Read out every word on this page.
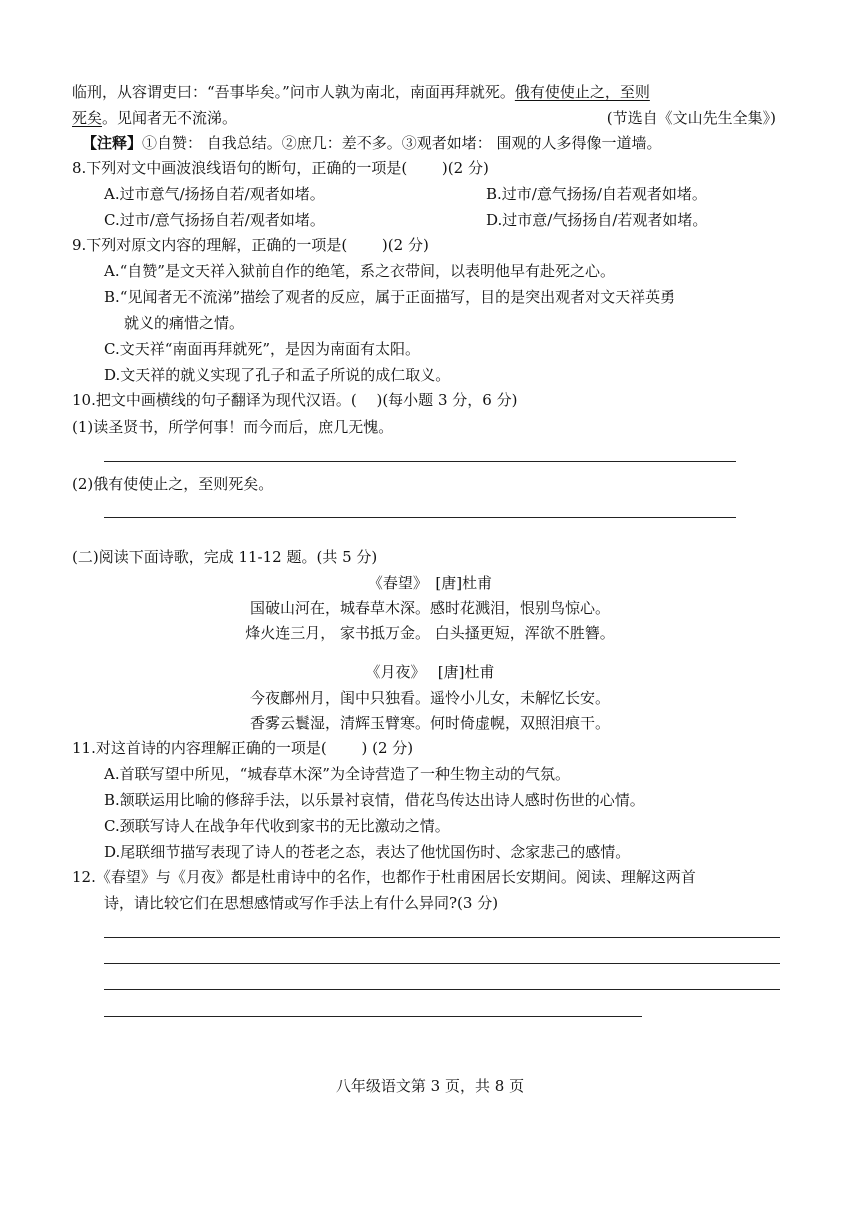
临刑，从容谓吏曰：“吾事毕矣。”问市人孰为南北，南面再拜就死。俄有使使止之，至则
死矣。见闻者无不流涕。	(节选自《文山先生全集》)
【注释】①自赞： 自我总结。②庶几：差不多。③观者如堵： 围观的人多得像一道墙。
8.下列对文中画波浪线语句的断句，正确的一项是(　　 )(2 分)
A.过市意气/扬扬自若/观者如堵。	B.过市/意气扬扬/自若观者如堵。
C.过市/意气扬扬自若/观者如堵。	D.过市意/气扬扬自/若观者如堵。
9.下列对原文内容的理解，正确的一项是(　　 )(2 分)
A.“自赞”是文天祥入狱前自作的绝笔，系之衣带间，以表明他早有赴死之心。
B.“见闻者无不流涕”描绘了观者的反应，属于正面描写，目的是突出观者对文天祥英勇
就义的痛惜之情。
C.文天祥“南面再拜就死”，是因为南面有太阳。
D.文天祥的就义实现了孔子和孟子所说的成仁取义。
10.把文中画横线的句子翻译为现代汉语。(　 )(每小题 3 分，6 分)
(1)读圣贤书，所学何事！而今而后，庶几无愧。
(2)俄有使使止之，至则死矣。
(二)阅读下面诗歌，完成 11-12 题。(共 5 分)
《春望》　[唐]杜甫
国破山河在，城春草木深。感时花溅泪，恨别鸟惊心。
烽火连三月， 家书抵万金。 白头搔更短，浑欲不胜簪。
《月夜》　 [唐]杜甫
今夜鄜州月，闺中只独看。遥怜小儿女，未解忆长安。
香雾云鬟湿，清辉玉臂寒。何时倚虚幌，双照泪痕干。
11.对这首诗的内容理解正确的一项是(　　 ) (2 分)
A.首联写望中所见，“城春草木深”为全诗营造了一种生物主动的气氛。
B.颔联运用比喻的修辞手法，以乐景衬哀情，借花鸟传达出诗人感时伤世的心情。
C.颈联写诗人在战争年代收到家书的无比激动之情。
D.尾联细节描写表现了诗人的苍老之态，表达了他忧国伤时、念家悲己的感情。
12.《春望》与《月夜》都是杜甫诗中的名作，也都作于杜甫困居长安期间。阅读、理解这两首
诗，请比较它们在思想感情或写作手法上有什么异同?(3 分)
八年级语文第 3 页，共 8 页
